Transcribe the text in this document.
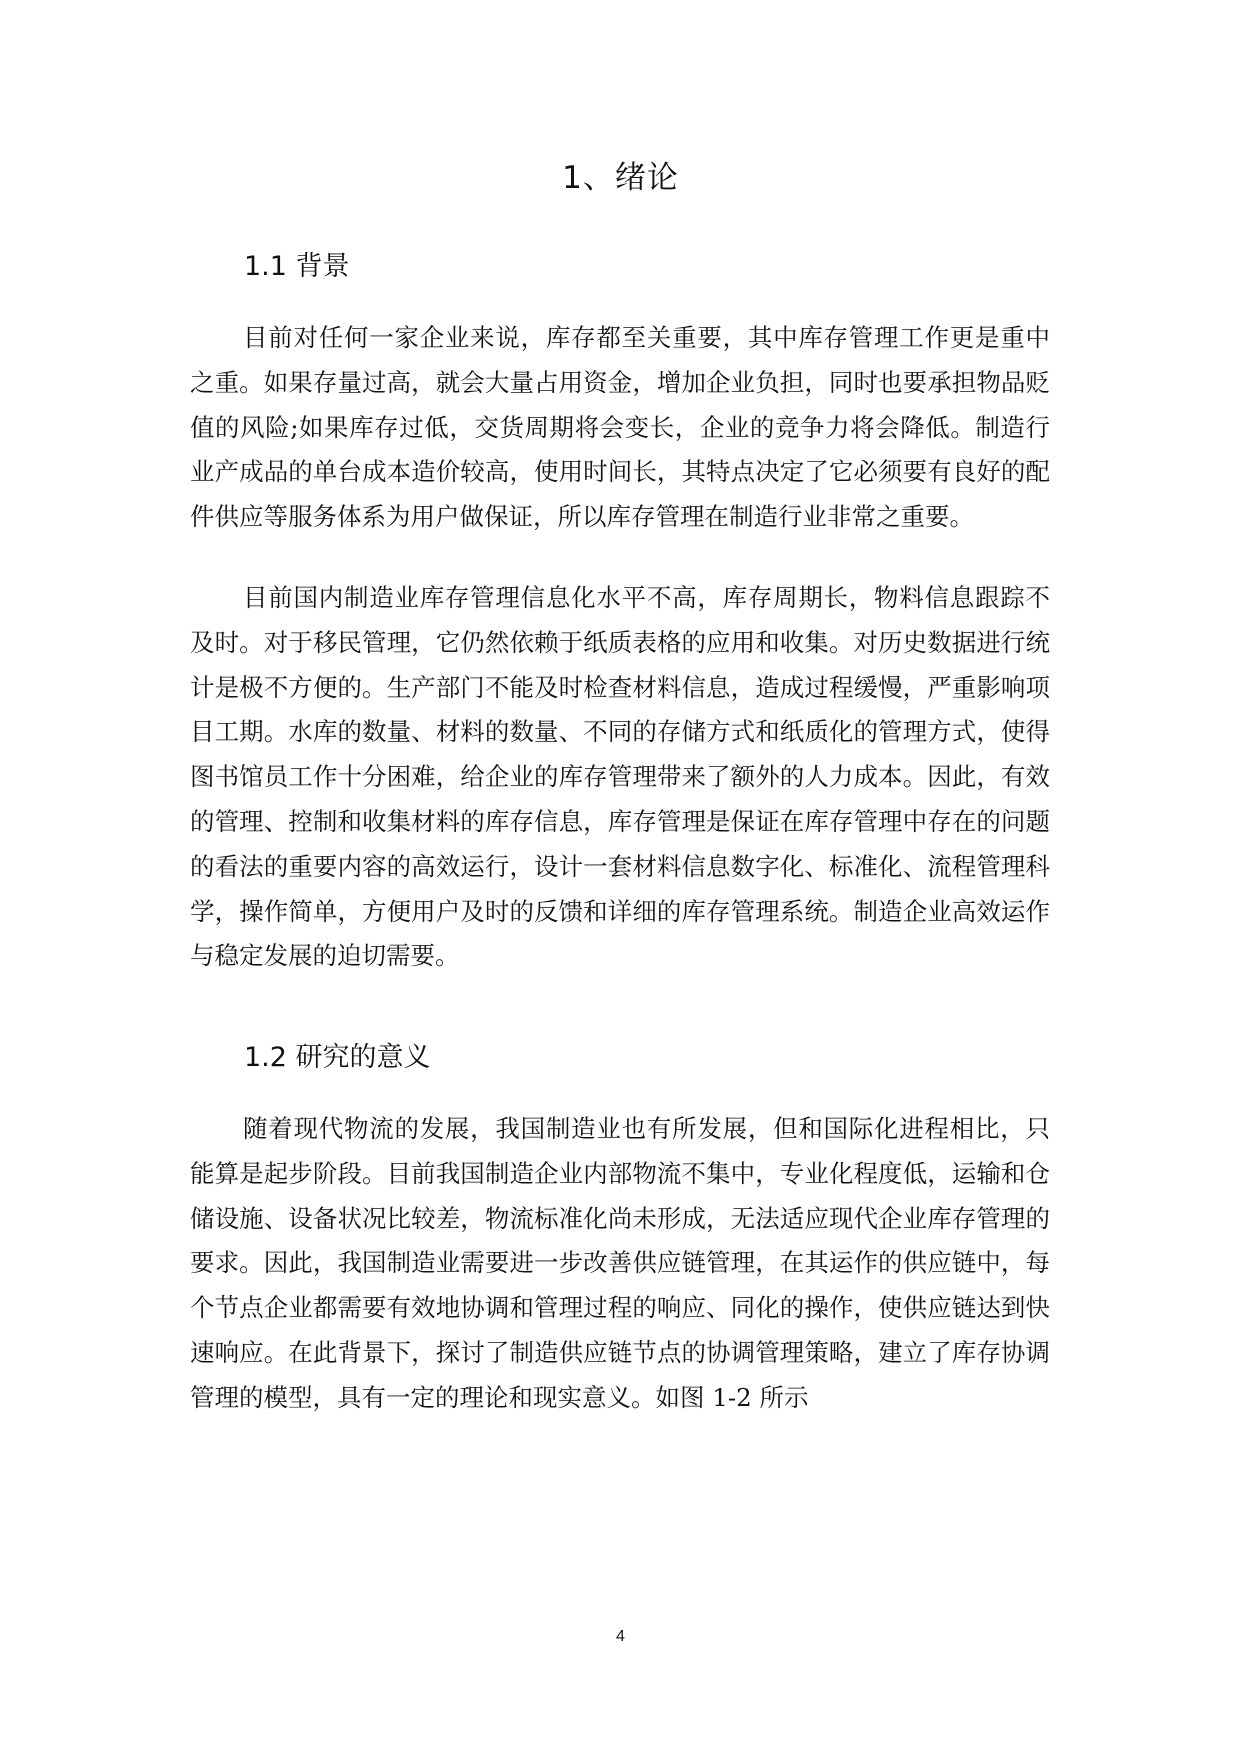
1、绪论
1.1 背景

目前对任何一家企业来说，库存都至关重要，其中库存管理工作更是重中之重。如果存量过高，就会大量占用资金，增加企业负担，同时也要承担物品贬值的风险;如果库存过低，交货周期将会变长，企业的竞争力将会降低。制造行业产成品的单台成本造价较高，使用时间长，其特点决定了它必须要有良好的配件供应等服务体系为用户做保证，所以库存管理在制造行业非常之重要。

目前国内制造业库存管理信息化水平不高，库存周期长，物料信息跟踪不及时。对于移民管理，它仍然依赖于纸质表格的应用和收集。对历史数据进行统计是极不方便的。生产部门不能及时检查材料信息，造成过程缓慢，严重影响项目工期。水库的数量、材料的数量、不同的存储方式和纸质化的管理方式，使得图书馆员工作十分困难，给企业的库存管理带来了额外的人力成本。因此，有效的管理、控制和收集材料的库存信息，库存管理是保证在库存管理中存在的问题的看法的重要内容的高效运行，设计一套材料信息数字化、标准化、流程管理科学，操作简单，方便用户及时的反馈和详细的库存管理系统。制造企业高效运作与稳定发展的迫切需要。

1.2 研究的意义

随着现代物流的发展，我国制造业也有所发展，但和国际化进程相比，只能算是起步阶段。目前我国制造企业内部物流不集中，专业化程度低，运输和仓储设施、设备状况比较差，物流标准化尚未形成，无法适应现代企业库存管理的要求。因此，我国制造业需要进一步改善供应链管理，在其运作的供应链中，每个节点企业都需要有效地协调和管理过程的响应、同化的操作，使供应链达到快速响应。在此背景下，探讨了制造供应链节点的协调管理策略，建立了库存协调管理的模型，具有一定的理论和现实意义。如图 1-2 所示

4
